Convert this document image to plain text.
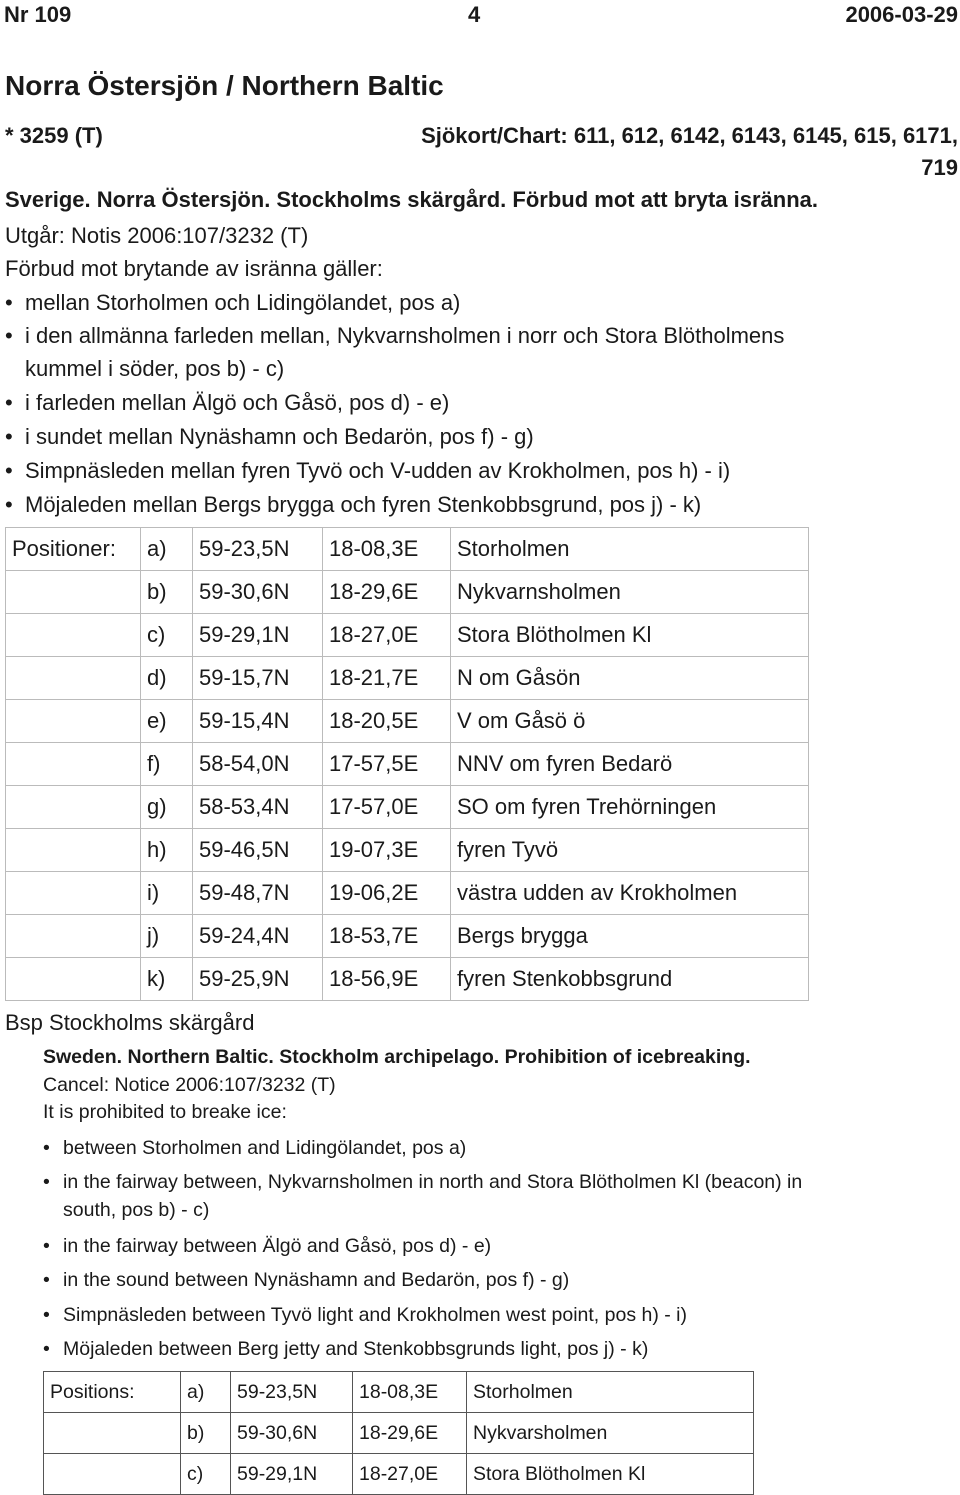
Nr 109	4	2006-03-29
Norra Östersjön / Northern Baltic
* 3259 (T)	Sjökort/Chart: 611, 612, 6142, 6143, 6145, 615, 6171,
719
Sverige. Norra Östersjön. Stockholms skärgård. Förbud mot att bryta isränna.
Utgår: Notis 2006:107/3232 (T)
Förbud mot brytande av isränna gäller:
• mellan Storholmen och Lidingölandet, pos a)
• i den allmänna farleden mellan, Nykvarnsholmen i norr och Stora Blötholmens
kummel i söder, pos b) - c)
• i farleden mellan Älgö och Gåsö, pos d) - e)
• i sundet mellan Nynäshamn och Bedarön, pos f) - g)
• Simpnäsleden mellan fyren Tyvö och V-udden av Krokholmen, pos h) - i)
• Möjaleden mellan Bergs brygga och fyren Stenkobbsgrund, pos j) - k)
Positioner:	a)	59-23,5N	18-08,3E	Storholmen
	b)	59-30,6N	18-29,6E	Nykvarnsholmen
	c)	59-29,1N	18-27,0E	Stora Blötholmen Kl
	d)	59-15,7N	18-21,7E	N om Gåsön
	e)	59-15,4N	18-20,5E	V om Gåsö ö
	f)	58-54,0N	17-57,5E	NNV om fyren Bedarö
	g)	58-53,4N	17-57,0E	SO om fyren Trehörningen
	h)	59-46,5N	19-07,3E	fyren Tyvö
	i)	59-48,7N	19-06,2E	västra udden av Krokholmen
	j)	59-24,4N	18-53,7E	Bergs brygga
	k)	59-25,9N	18-56,9E	fyren Stenkobbsgrund
Bsp Stockholms skärgård
Sweden. Northern Baltic. Stockholm archipelago. Prohibition of icebreaking.
Cancel: Notice 2006:107/3232 (T)
It is prohibited to breake ice:
• between Storholmen and Lidingölandet, pos a)
• in the fairway between, Nykvarnsholmen in north and Stora Blötholmen Kl (beacon) in
south, pos b) - c)
• in the fairway between Älgö and Gåsö, pos d) - e)
• in the sound between Nynäshamn and Bedarön, pos f) - g)
• Simpnäsleden between Tyvö light and Krokholmen west point, pos h) - i)
• Möjaleden between Berg jetty and Stenkobbsgrunds light, pos j) - k)
Positions:	a)	59-23,5N	18-08,3E	Storholmen
	b)	59-30,6N	18-29,6E	Nykvarsholmen
	c)	59-29,1N	18-27,0E	Stora Blötholmen Kl
